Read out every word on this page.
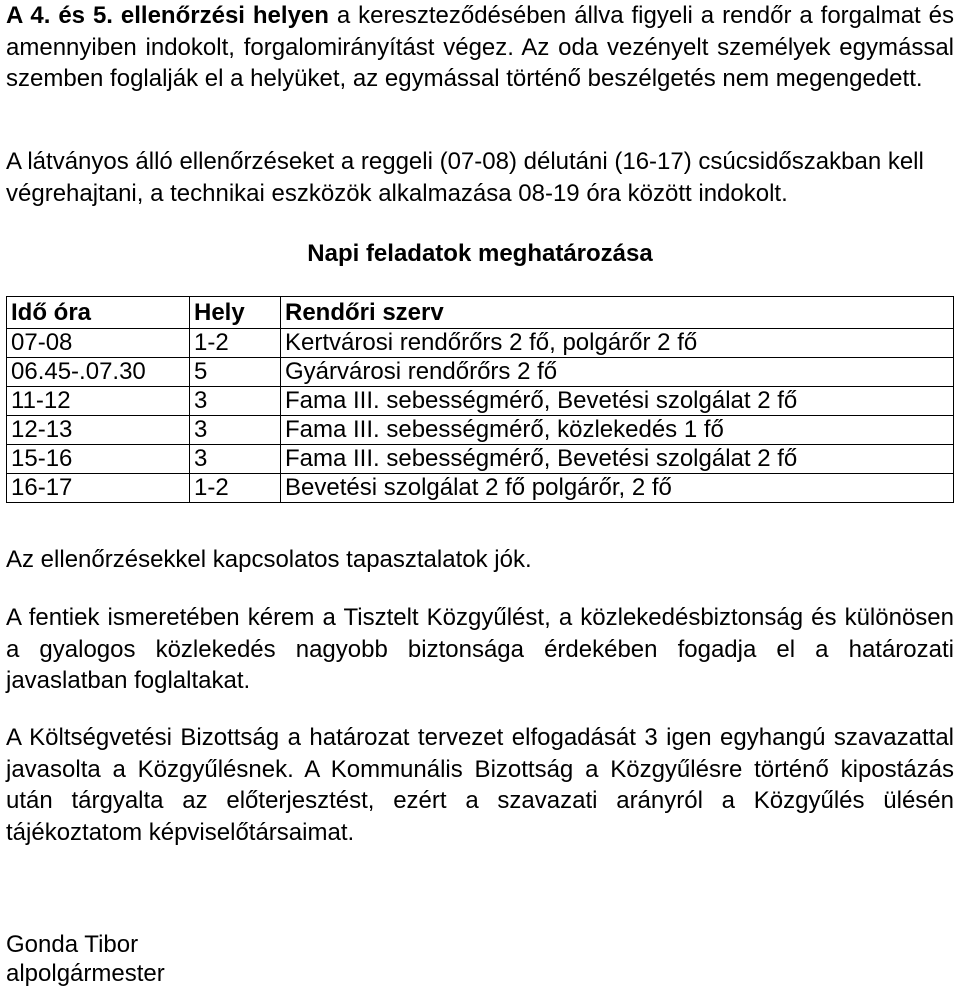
A 4. és 5. ellenőrzési helyen a kereszteződésében állva figyeli a rendőr a forgalmat és amennyiben indokolt, forgalomirányítást végez. Az oda vezényelt személyek egymással szemben foglalják el a helyüket, az egymással történő beszélgetés nem megengedett.

A látványos álló ellenőrzéseket a reggeli (07-08) délutáni (16-17) csúcsidőszakban kell végrehajtani, a technikai eszközök alkalmazása 08-19 óra között indokolt.

Napi feladatok meghatározása
Idő óra	Hely	Rendőri szerv
07-08	1-2	Kertvárosi rendőrőrs 2 fő, polgárőr 2 fő
06.45-.07.30	5	Gyárvárosi rendőrőrs 2 fő
11-12	3	Fama III. sebességmérő, Bevetési szolgálat 2 fő
12-13	3	Fama III. sebességmérő, közlekedés 1 fő
15-16	3	Fama III. sebességmérő, Bevetési szolgálat 2 fő
16-17	1-2	Bevetési szolgálat 2 fő polgárőr, 2 fő

Az ellenőrzésekkel kapcsolatos tapasztalatok jók.

A fentiek ismeretében kérem a Tisztelt Közgyűlést, a közlekedésbiztonság és különösen a gyalogos közlekedés nagyobb biztonsága érdekében fogadja el a határozati javaslatban foglaltakat.

A Költségvetési Bizottság a határozat tervezet elfogadását 3 igen egyhangú szavazattal javasolta a Közgyűlésnek. A Kommunális Bizottság a Közgyűlésre történő kipostázás után tárgyalta az előterjesztést, ezért a szavazati arányról a Közgyűlés ülésén tájékoztatom képviselőtársaimat.

Gonda Tibor
alpolgármester
